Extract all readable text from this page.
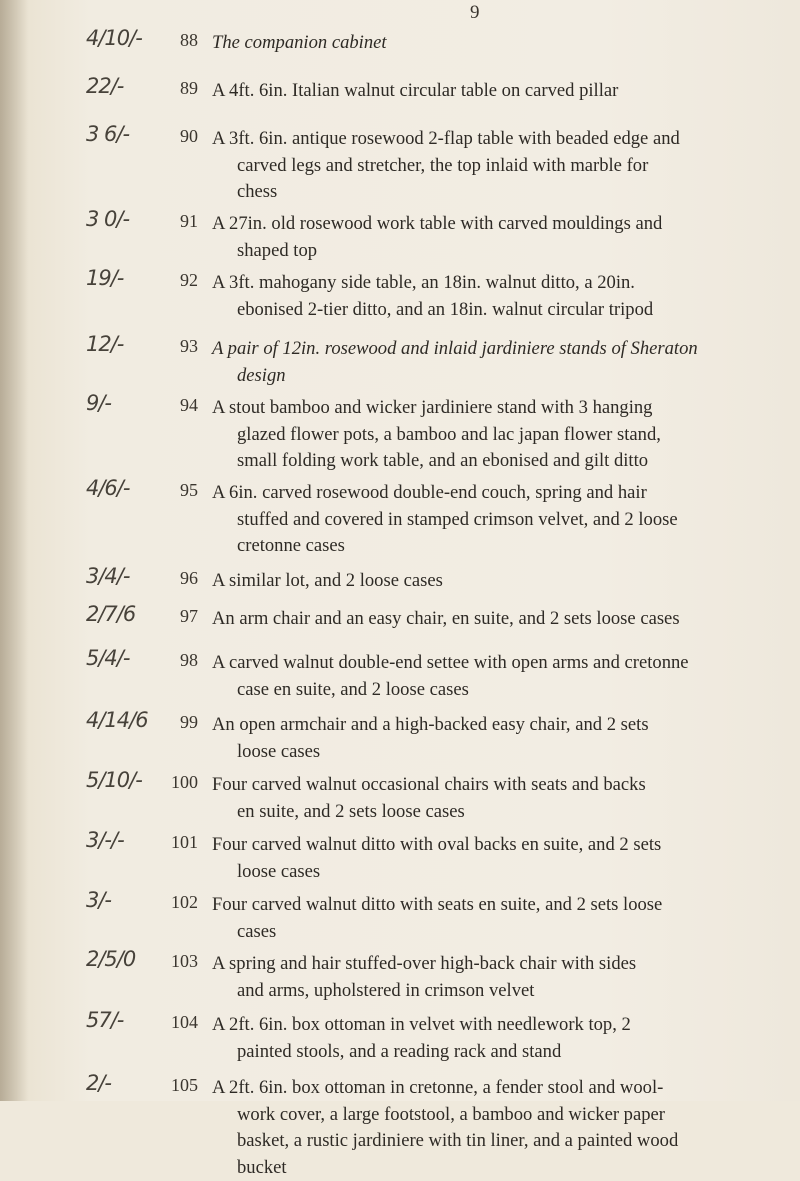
9
4/10/-	88 The companion cabinet
22/-	89 A 4ft. 6in. Italian walnut circular table on carved pillar
3 6/-	90 A 3ft. 6in. antique rosewood 2-flap table with beaded edge and
carved legs and stretcher, the top inlaid with marble for
chess
3 0/-	91 A 27in. old rosewood work table with carved mouldings and
shaped top
19/-	92 A 3ft. mahogany side table, an 18in. walnut ditto, a 20in.
ebonised 2-tier ditto, and an 18in. walnut circular tripod
12/-	93 A pair of 12in. rosewood and inlaid jardiniere stands of Sheraton
design
9/-	94 A stout bamboo and wicker jardiniere stand with 3 hanging
glazed flower pots, a bamboo and lac japan flower stand,
small folding work table, and an ebonised and gilt ditto
4/6/-	95 A 6in. carved rosewood double-end couch, spring and hair
stuffed and covered in stamped crimson velvet, and 2 loose
cretonne cases
3/4/-	96 A similar lot, and 2 loose cases
2/7/6	97 An arm chair and an easy chair, en suite, and 2 sets loose cases
5/4/-	98 A carved walnut double-end settee with open arms and cretonne
case en suite, and 2 loose cases
4/14/6	99 An open armchair and a high-backed easy chair, and 2 sets
loose cases
5/10/-	100 Four carved walnut occasional chairs with seats and backs
en suite, and 2 sets loose cases
3/-/-	101 Four carved walnut ditto with oval backs en suite, and 2 sets
loose cases
3/-	102 Four carved walnut ditto with seats en suite, and 2 sets loose
cases
2/5/0	103 A spring and hair stuffed-over high-back chair with sides
and arms, upholstered in crimson velvet
57/-	104 A 2ft. 6in. box ottoman in velvet with needlework top, 2
painted stools, and a reading rack and stand
2/-	105 A 2ft. 6in. box ottoman in cretonne, a fender stool and wool-
work cover, a large footstool, a bamboo and wicker paper
basket, a rustic jardiniere with tin liner, and a painted wood
bucket
